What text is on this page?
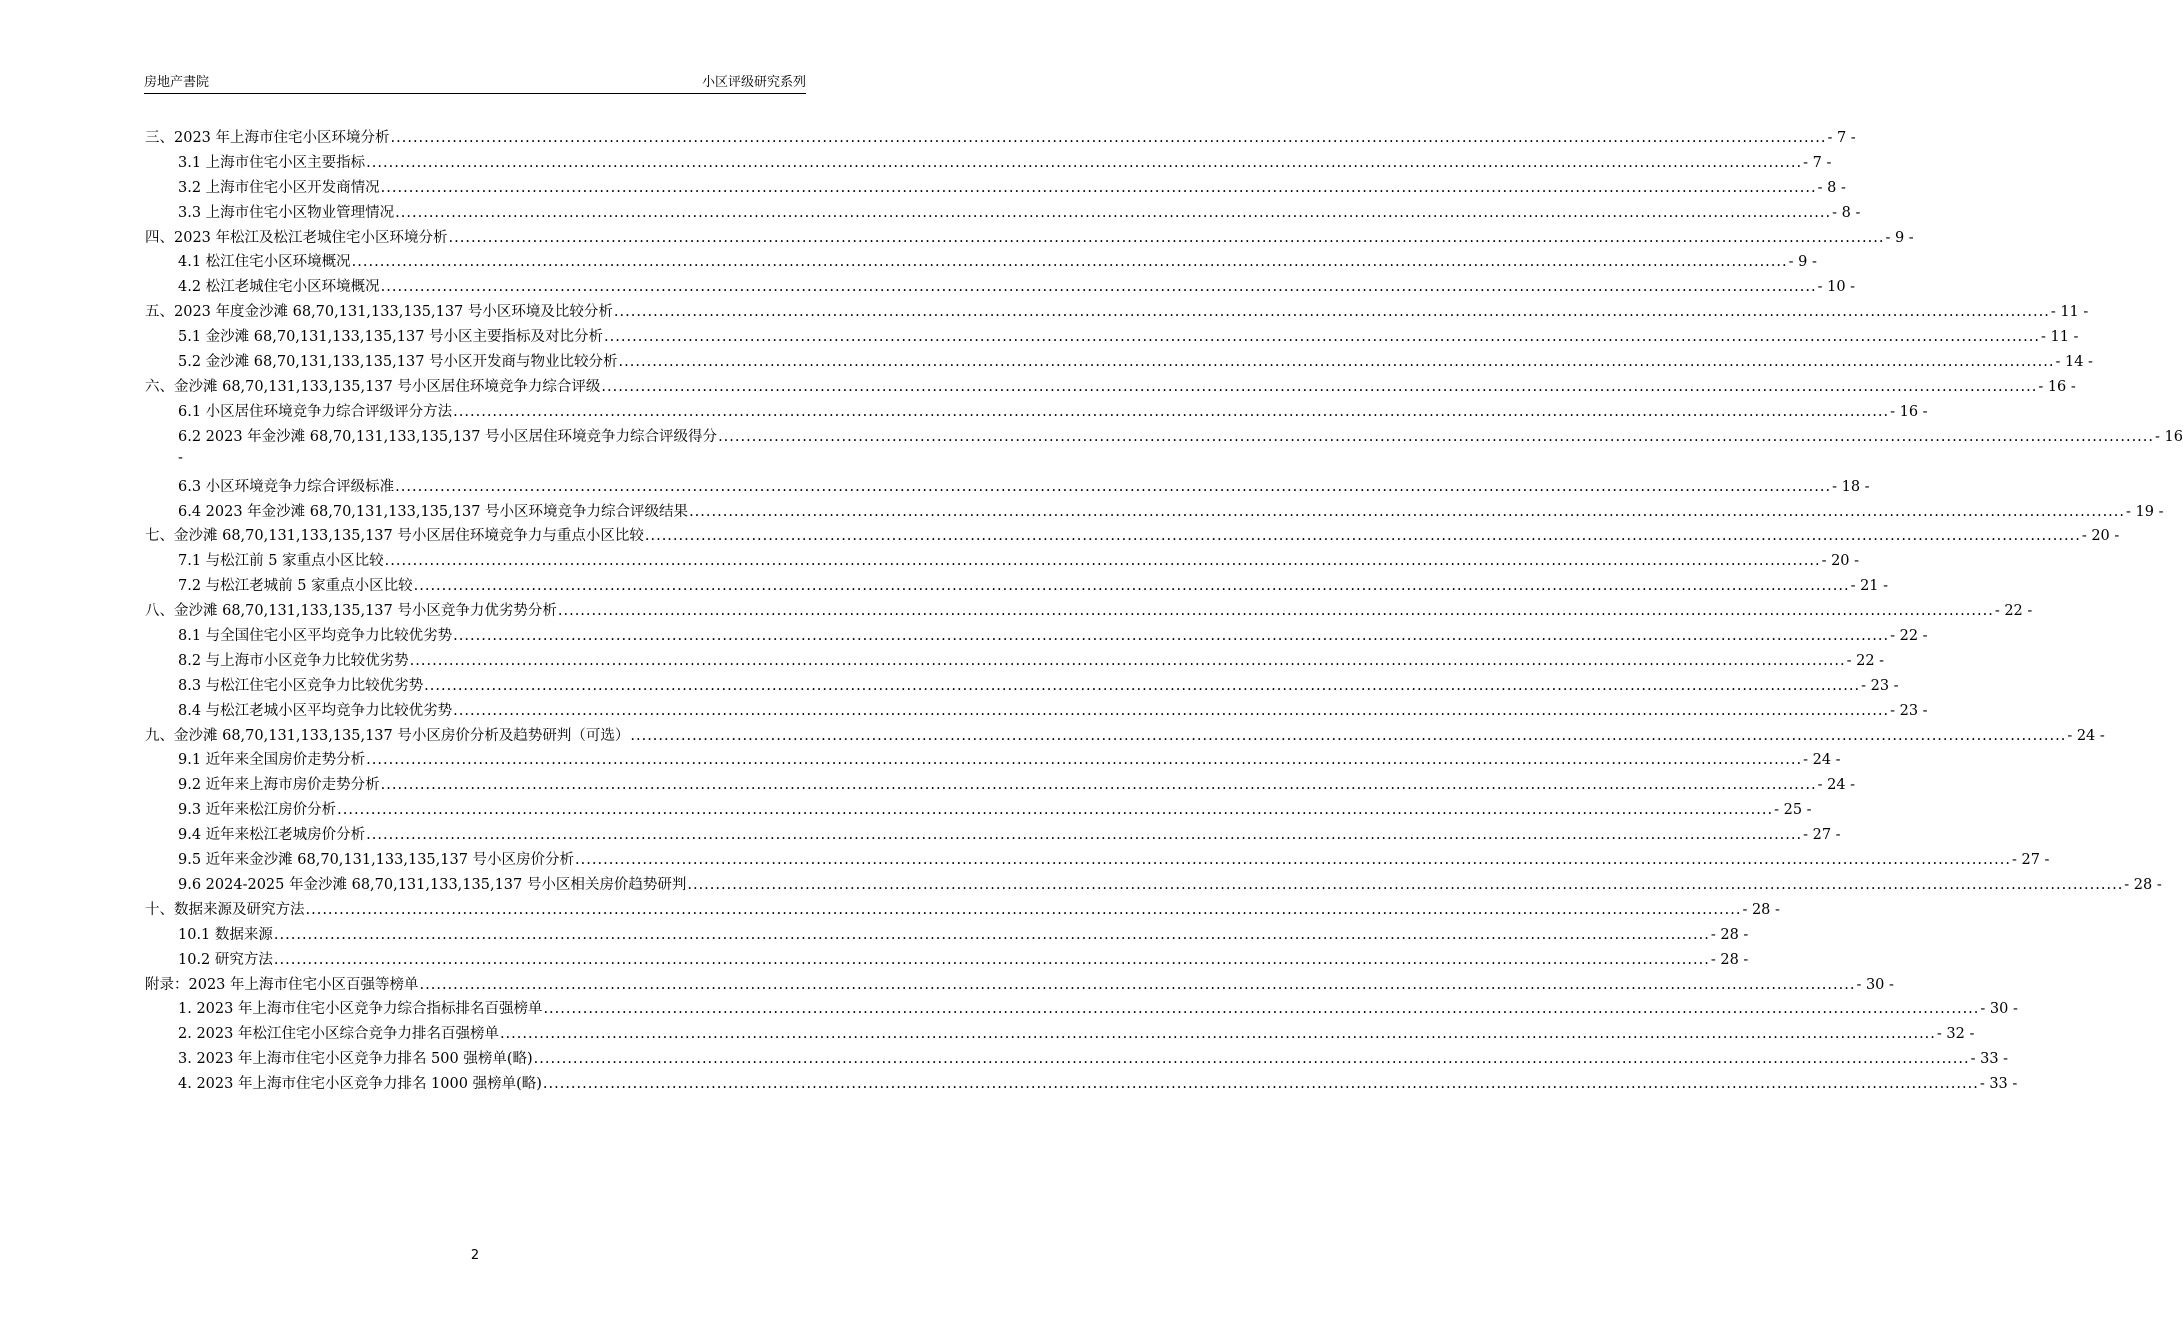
房地产書院	小区评级研究系列
三、2023 年上海市住宅小区环境分析 .....	- 7 -
3.1 上海市住宅小区主要指标 .....	- 7 -
3.2 上海市住宅小区开发商情况 .....	- 8 -
3.3 上海市住宅小区物业管理情况 .....	- 8 -
四、2023 年松江及松江老城住宅小区环境分析 .....	- 9 -
4.1 松江住宅小区环境概况 .....	- 9 -
4.2 松江老城住宅小区环境概况 .....	- 10 -
五、2023 年度金沙滩 68,70,131,133,135,137 号小区环境及比较分析 .....	- 11 -
5.1 金沙滩 68,70,131,133,135,137 号小区主要指标及对比分析 .....	- 11 -
5.2 金沙滩 68,70,131,133,135,137 号小区开发商与物业比较分析 .....	- 14 -
六、金沙滩 68,70,131,133,135,137 号小区居住环境竞争力综合评级 .....	- 16 -
6.1 小区居住环境竞争力综合评级评分方法 .....	- 16 -
6.2 2023 年金沙滩 68,70,131,133,135,137 号小区居住环境竞争力综合评级得分 .....	- 16
-
6.3 小区环境竞争力综合评级标准 .....	- 18 -
6.4 2023 年金沙滩 68,70,131,133,135,137 号小区环境竞争力综合评级结果 .....	- 19 -
七、金沙滩 68,70,131,133,135,137 号小区居住环境竞争力与重点小区比较 .....	- 20 -
7.1 与松江前 5 家重点小区比较 .....	- 20 -
7.2 与松江老城前 5 家重点小区比较 .....	- 21 -
八、金沙滩 68,70,131,133,135,137 号小区竞争力优劣势分析 .....	- 22 -
8.1 与全国住宅小区平均竞争力比较优劣势 .....	- 22 -
8.2 与上海市小区竞争力比较优劣势 .....	- 22 -
8.3 与松江住宅小区竞争力比较优劣势 .....	- 23 -
8.4 与松江老城小区平均竞争力比较优劣势 .....	- 23 -
九、金沙滩 68,70,131,133,135,137 号小区房价分析及趋势研判（可选） .....	- 24 -
9.1 近年来全国房价走势分析 .....	- 24 -
9.2 近年来上海市房价走势分析 .....	- 24 -
9.3 近年来松江房价分析 .....	- 25 -
9.4 近年来松江老城房价分析 .....	- 27 -
9.5 近年来金沙滩 68,70,131,133,135,137 号小区房价分析 .....	- 27 -
9.6 2024-2025 年金沙滩 68,70,131,133,135,137 号小区相关房价趋势研判 .....	- 28 -
十、数据来源及研究方法 .....	- 28 -
10.1 数据来源 .....	- 28 -
10.2 研究方法 .....	- 28 -
附录：2023 年上海市住宅小区百强等榜单 .....	- 30 -
1. 2023 年上海市住宅小区竞争力综合指标排名百强榜单 .....	- 30 -
2. 2023 年松江住宅小区综合竞争力排名百强榜单 .....	- 32 -
3. 2023 年上海市住宅小区竞争力排名 500 强榜单(略) .....	- 33 -
4. 2023 年上海市住宅小区竞争力排名 1000 强榜单(略) .....	- 33 -
2
